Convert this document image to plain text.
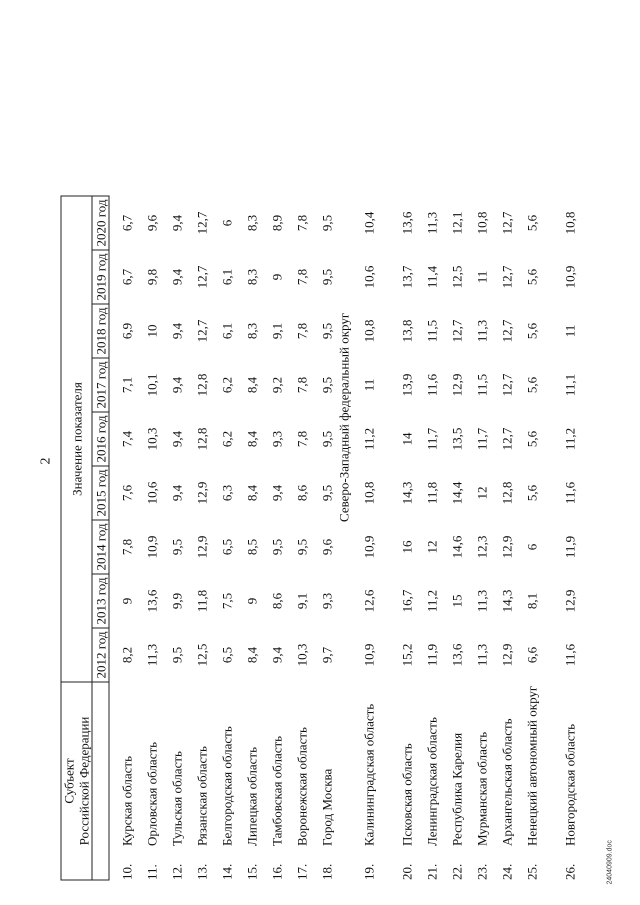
2
Субъект Российской Федерации		Значение показателя								
		2012 год	2013 год	2014 год	2015 год	2016 год	2017 год	2018 год	2019 год	2020 год
10.	Курская область	8,2	9	7,8	7,6	7,4	7,1	6,9	6,7	6,7
11.	Орловская область	11,3	13,6	10,9	10,6	10,3	10,1	10	9,8	9,6
12.	Тульская область	9,5	9,9	9,5	9,4	9,4	9,4	9,4	9,4	9,4
13.	Рязанская область	12,5	11,8	12,9	12,9	12,8	12,8	12,7	12,7	12,7
14.	Белгородская область	6,5	7,5	6,5	6,3	6,2	6,2	6,1	6,1	6
15.	Липецкая область	8,4	9	8,5	8,4	8,4	8,4	8,3	8,3	8,3
16.	Тамбовская область	9,4	8,6	9,5	9,4	9,3	9,2	9,1	9	8,9
17.	Воронежская область	10,3	9,1	9,5	8,6	7,8	7,8	7,8	7,8	7,8
18.	Город Москва	9,7	9,3	9,6	9,5	9,5	9,5	9,5	9,5	9,5
		Северо-Западный федеральный округ								
19.	Калининградская область	10,9	12,6	10,9	10,8	11,2	11	10,8	10,6	10,4
20.	Псковская область	15,2	16,7	16	14,3	14	13,9	13,8	13,7	13,6
21.	Ленинградская область	11,9	11,2	12	11,8	11,7	11,6	11,5	11,4	11,3
22.	Республика Карелия	13,6	15	14,6	14,4	13,5	12,9	12,7	12,5	12,1
23.	Мурманская область	11,3	11,3	12,3	12	11,7	11,5	11,3	11	10,8
24.	Архангельская область	12,9	14,3	12,9	12,8	12,7	12,7	12,7	12,7	12,7
25.	Ненецкий автономный округ	6,6	8,1	6	5,6	5,6	5,6	5,6	5,6	5,6
26.	Новгородская область	11,6	12,9	11,9	11,6	11,2	11,1	11	10,9	10,8
24040909.doc
